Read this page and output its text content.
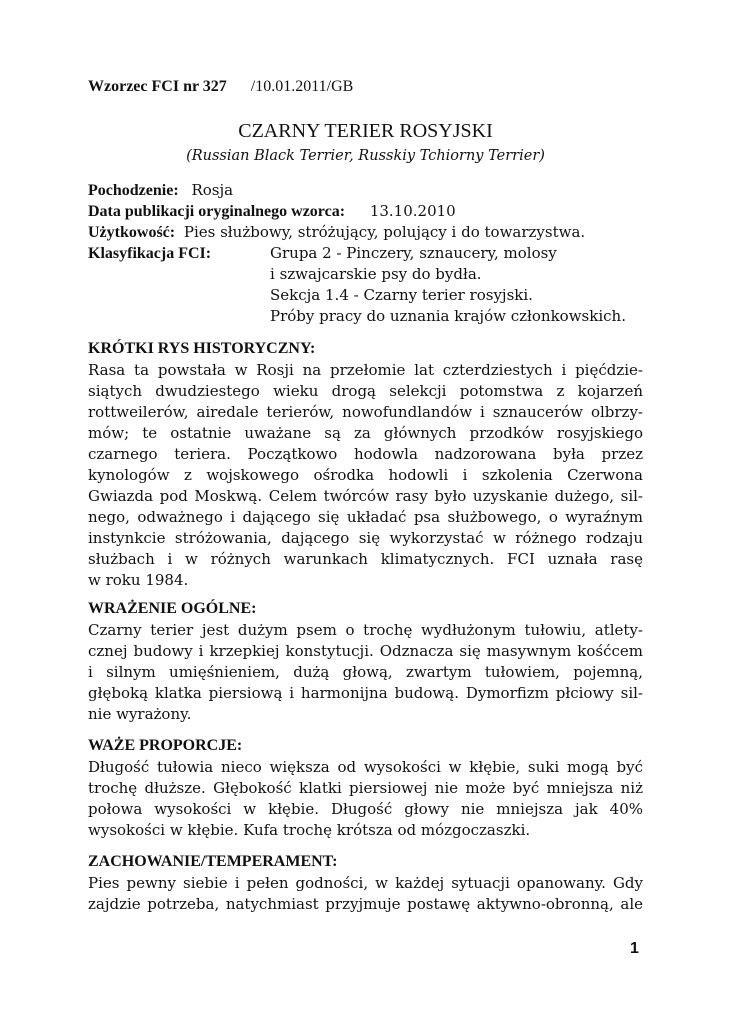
Wzorzec FCI nr 327 /10.01.2011/GB
CZARNY TERIER ROSYJSKI
(Russian Black Terrier, Russkiy Tchiorny Terrier)
Pochodzenie: Rosja
Data publikacji oryginalnego wzorca: 13.10.2010
Użytkowość: Pies służbowy, stróżujący, polujący i do towarzystwa.
Klasyfikacja FCI:	Grupa 2 - Pinczery, sznaucery, molosy
i szwajcarskie psy do bydła.
Sekcja 1.4 - Czarny terier rosyjski.
Próby pracy do uznania krajów członkowskich.
KRÓTKI RYS HISTORYCZNY:
Rasa ta powstała w Rosji na przełomie lat czterdziestych i pięćdzie-
siątych dwudziestego wieku drogą selekcji potomstwa z kojarzeń
rottweilerów, airedale terierów, nowofundlandów i sznaucerów olbrzy-
mów; te ostatnie uważane są za głównych przodków rosyjskiego
czarnego teriera. Początkowo hodowla nadzorowana była przez
kynologów z wojskowego ośrodka hodowli i szkolenia Czerwona
Gwiazda pod Moskwą. Celem twórców rasy było uzyskanie dużego, sil-
nego, odważnego i dającego się układać psa służbowego, o wyraźnym
instynkcie stróżowania, dającego się wykorzystać w różnego rodzaju
służbach i w różnych warunkach klimatycznych. FCI uznała rasę
w roku 1984.
WRAŻENIE OGÓLNE:
Czarny terier jest dużym psem o trochę wydłużonym tułowiu, atlety-
cznej budowy i krzepkiej konstytucji. Odznacza się masywnym kośćcem
i silnym umięśnieniem, dużą głową, zwartym tułowiem, pojemną,
głęboką klatka piersiową i harmonijna budową. Dymorfizm płciowy sil-
nie wyrażony.
WAŻE PROPORCJE:
Długość tułowia nieco większa od wysokości w kłębie, suki mogą być
trochę dłuższe. Głębokość klatki piersiowej nie może być mniejsza niż
połowa wysokości w kłębie. Długość głowy nie mniejsza jak 40%
wysokości w kłębie. Kufa trochę krótsza od mózgoczaszki.
ZACHOWANIE/TEMPERAMENT:
Pies pewny siebie i pełen godności, w każdej sytuacji opanowany. Gdy
zajdzie potrzeba, natychmiast przyjmuje postawę aktywno-obronną, ale
1
